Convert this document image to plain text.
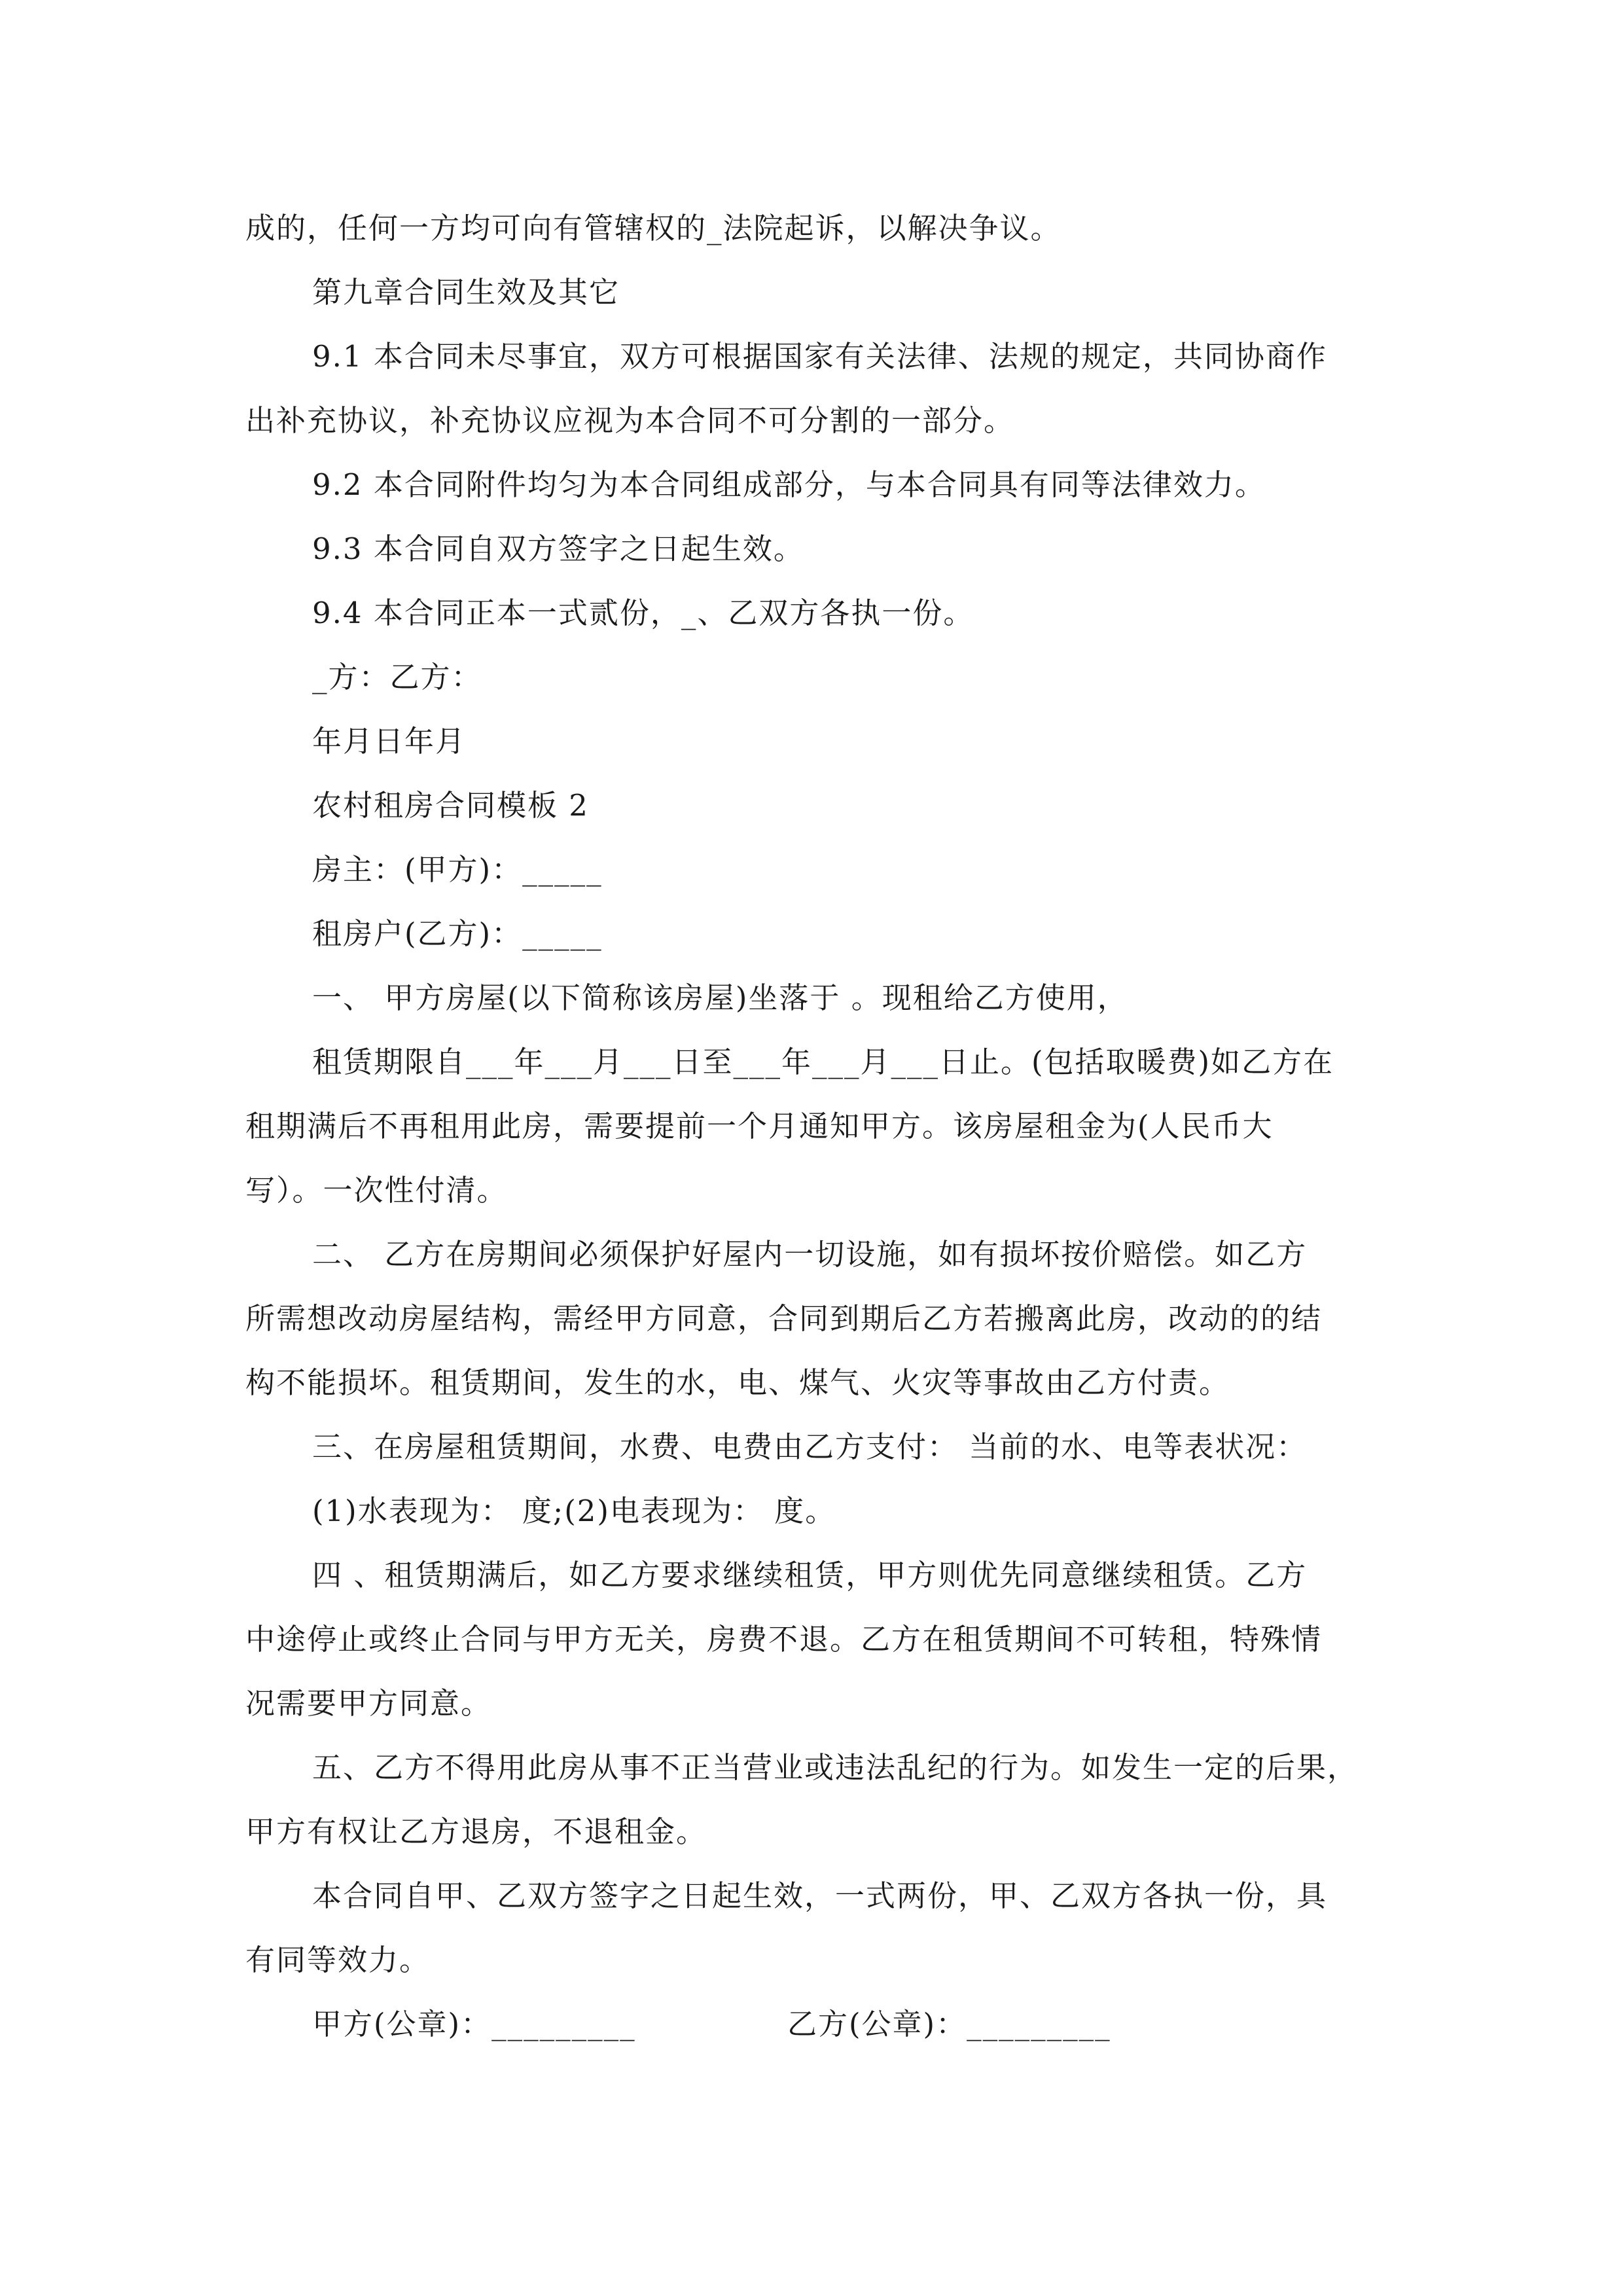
成的，任何一方均可向有管辖权的_法院起诉，以解决争议。
第九章合同生效及其它
9.1 本合同未尽事宜，双方可根据国家有关法律、法规的规定，共同协商作
出补充协议，补充协议应视为本合同不可分割的一部分。
9.2 本合同附件均匀为本合同组成部分，与本合同具有同等法律效力。
9.3 本合同自双方签字之日起生效。
9.4 本合同正本一式贰份，_、乙双方各执一份。
_方：乙方：
年月日年月
农村租房合同模板 2
房主：(甲方)：_____
租房户(乙方)：_____
一、 甲方房屋(以下简称该房屋)坐落于 。现租给乙方使用，
租赁期限自___年___月___日至___年___月___日止。(包括取暖费)如乙方在
租期满后不再租用此房，需要提前一个月通知甲方。该房屋租金为(人民币大
写）。一次性付清。
二、 乙方在房期间必须保护好屋内一切设施，如有损坏按价赔偿。如乙方
所需想改动房屋结构，需经甲方同意，合同到期后乙方若搬离此房，改动的的结
构不能损坏。租赁期间，发生的水，电、煤气、火灾等事故由乙方付责。
三、在房屋租赁期间，水费、电费由乙方支付： 当前的水、电等表状况：
(1)水表现为： 度;(2)电表现为： 度。
四 、租赁期满后，如乙方要求继续租赁，甲方则优先同意继续租赁。乙方
中途停止或终止合同与甲方无关，房费不退。乙方在租赁期间不可转租，特殊情
况需要甲方同意。
五、乙方不得用此房从事不正当营业或违法乱纪的行为。如发生一定的后果，
甲方有权让乙方退房，不退租金。
本合同自甲、乙双方签字之日起生效，一式两份，甲、乙双方各执一份，具
有同等效力。
甲方(公章)：_________	乙方(公章)：_________
